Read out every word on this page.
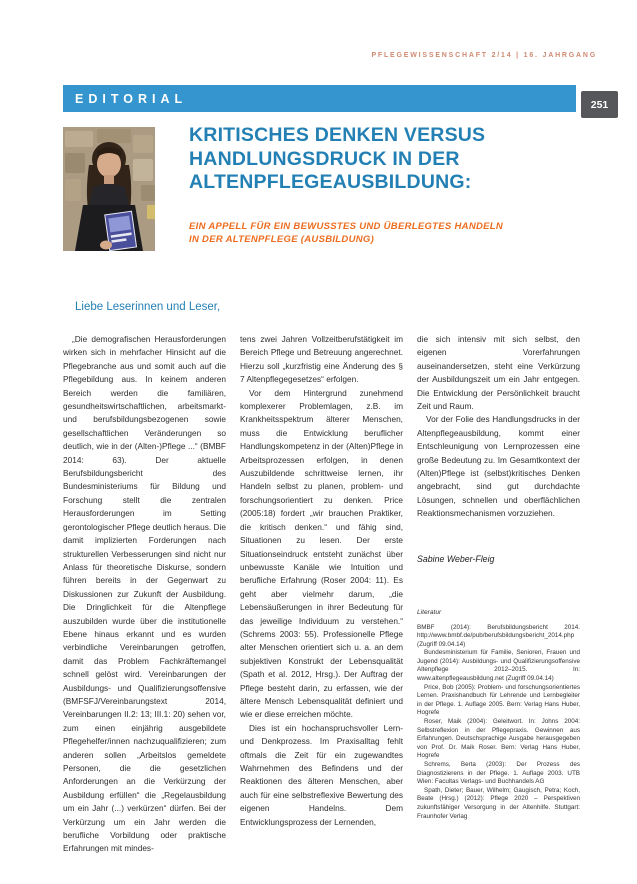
PFLEGEWISSENSCHAFT 2/14 | 16. JAHRGANG
EDITORIAL	251
KRITISCHES DENKEN VERSUS
HANDLUNGSDRUCK IN DER
ALTENPFLEGEAUSBILDUNG:
EIN APPELL FÜR EIN BEWUSSTES UND ÜBERLEGTES HANDELN
IN DER ALTENPFLEGE (AUSBILDUNG)
Liebe Leserinnen und Leser,

„Die demografischen Herausforderungen wirken sich in mehrfacher Hinsicht auf die Pflegebranche aus und somit auch auf die Pflegebildung aus. In keinem anderen Bereich werden die familiären, gesundheitswirtschaftlichen, arbeitsmarkt- und berufsbildungsbezogenen sowie gesellschaftlichen Veränderungen so deutlich, wie in der (Alten-)Pflege ...“ (BMBF 2014: 63). Der aktuelle Berufsbildungsbericht des Bundesministeriums für Bildung und Forschung stellt die zentralen Herausforderungen im Setting gerontologischer Pflege deutlich heraus. Die damit implizierten Forderungen nach strukturellen Verbesserungen sind nicht nur Anlass für theoretische Diskurse, sondern führen bereits in der Gegenwart zu Diskussionen zur Zukunft der Ausbildung. Die Dringlichkeit für die Altenpflege auszubilden wurde über die institutionelle Ebene hinaus erkannt und es wurden verbindliche Vereinbarungen getroffen, damit das Problem Fachkräftemangel schnell gelöst wird. Vereinbarungen der Ausbildungs- und Qualifizierungsoffensive (BMFSFJ/Vereinbarungstext 2014, Vereinbarungen II.2: 13; III.1: 20) sehen vor, zum einen einjährig ausgebildete Pflegehelfer/innen nachzuqualifizieren; zum anderen sollen „Arbeitslos gemeldete Personen, die die gesetzlichen Anforderungen an die Verkürzung der Ausbildung erfüllen“ die „Regelausbildung um ein Jahr (...) verkürzen“ dürfen. Bei der Verkürzung um ein Jahr werden die berufliche Vorbildung oder praktische Erfahrungen mit mindes-

tens zwei Jahren Vollzeitberufstätigkeit im Bereich Pflege und Betreuung angerechnet. Hierzu soll „kurzfristig eine Änderung des § 7 Altenpflegegesetzes“ erfolgen.

Vor dem Hintergrund zunehmend komplexerer Problemlagen, z.B. im Krankheitsspektrum älterer Menschen, muss die Entwicklung beruflicher Handlungskompetenz in der (Alten)Pflege in Arbeitsprozessen erfolgen, in denen Auszubildende schrittweise lernen, ihr Handeln selbst zu planen, problem- und forschungsorientiert zu denken. Price (2005:18) fordert „wir brauchen Praktiker, die kritisch denken.“ und fähig sind, Situationen zu lesen. Der erste Situationseindruck entsteht zunächst über unbewusste Kanäle wie Intuition und berufliche Erfahrung (Roser 2004: 11). Es geht aber vielmehr darum, „die Lebensäußerungen in ihrer Bedeutung für das jeweilige Individuum zu verstehen.“ (Schrems 2003: 55). Professionelle Pflege alter Menschen orientiert sich u. a. an dem subjektiven Konstrukt der Lebensqualität (Spath et al. 2012, Hrsg.). Der Auftrag der Pflege besteht darin, zu erfassen, wie der ältere Mensch Lebensqualität definiert und wie er diese erreichen möchte.

Dies ist ein hochanspruchsvoller Lern- und Denkprozess. Im Praxisalltag fehlt oftmals die Zeit für ein zugewandtes Wahrnehmen des Befindens und der Reaktionen des älteren Menschen, aber auch für eine selbstreflexive Bewertung des eigenen Handelns. Dem Entwicklungsprozess der Lernenden,

die sich intensiv mit sich selbst, den eigenen Vorerfahrungen auseinandersetzen, steht eine Verkürzung der Ausbildungszeit um ein Jahr entgegen. Die Entwicklung der Persönlichkeit braucht Zeit und Raum.

Vor der Folie des Handlungsdrucks in der Altenpflegeausbildung, kommt einer Entschleunigung von Lernprozessen eine große Bedeutung zu. Im Gesamtkontext der (Alten)Pflege ist (selbst)kritisches Denken angebracht, sind gut durchdachte Lösungen, schnellen und oberflächlichen Reaktionsmechanismen vorzuziehen.

Sabine Weber-Fleig
Literatur

BMBF (2014): Berufsbildungsbericht 2014. http://www.bmbf.de/pub/berufsbildungsbericht_2014.php (Zugriff 09.04.14)

Bundesministerium für Familie, Senioren, Frauen und Jugend (2014): Ausbildungs- und Qualifizierungsoffensive Altenpflege 2012–2015. In: www.altenpflegeausbildung.net (Zugriff 09.04.14)

Price, Bob (2005): Problem- und forschungsorientiertes Lernen. Praxishandbuch für Lehrende und Lernbegleiter in der Pflege. 1. Auflage 2005. Bern: Verlag Hans Huber, Hogrefe

Roser, Maik (2004): Geleitwort. In: Johns 2004: Selbstreflexion in der Pflegepraxis. Gewinnen aus Erfahrungen. Deutschsprachige Ausgabe herausgegeben von Prof. Dr. Maik Roser. Bern: Verlag Hans Huber, Hogrefe

Schrems, Berta (2003): Der Prozess des Diagnostizierens in der Pflege. 1. Auflage 2003. UTB Wien: Facultas Verlags- und Buchhandels AG

Spath, Dieter; Bauer, Wilhelm; Gaugisch, Petra; Koch, Beate (Hrsg.) (2012): Pflege 2020 – Perspektiven zukunftsfähiger Versorgung in der Altenhilfe. Stuttgart: Fraunhofer Verlag
